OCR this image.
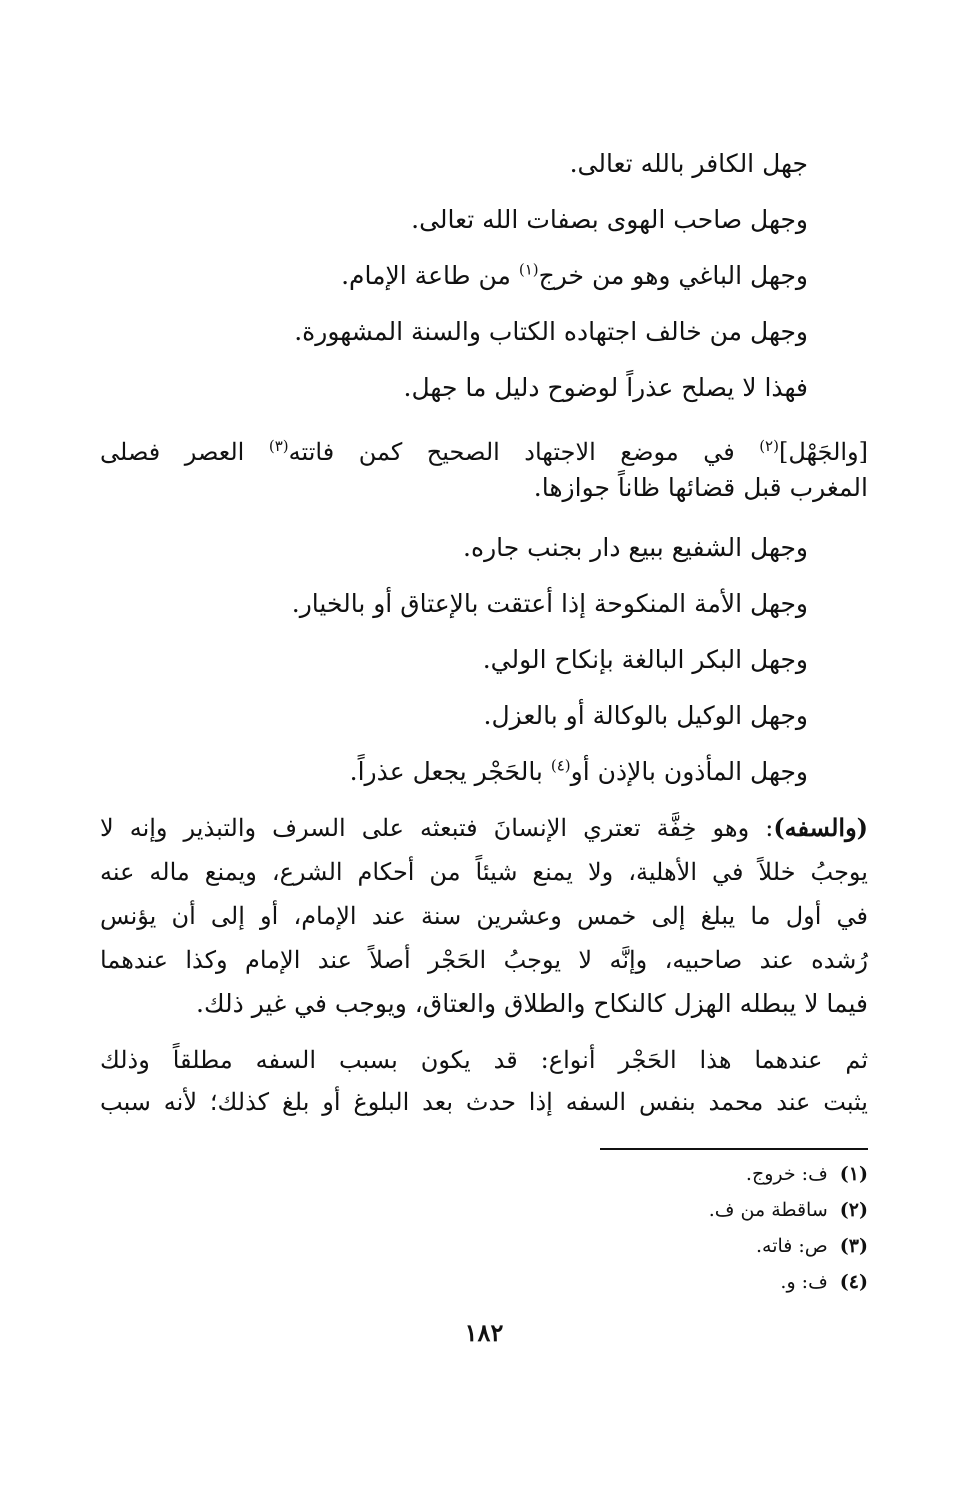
جهل الكافر بالله تعالى.
وجهل صاحب الهوى بصفات الله تعالى.
وجهل الباغي وهو من خرج$^{(١)}$ من طاعة الإمام.
وجهل من خالف اجتهاده الكتاب والسنة المشهورة.
فهذا لا يصلح عذراً لوضوح دليل ما جهل.
[والجَهْل]$^{(٢)}$ في موضع الاجتهاد الصحيح كمن فاتته$^{(٣)}$ العصر فصلى
المغرب قبل قضائها ظاناً جوازها.
وجهل الشفيع ببيع دار بجنب جاره.
وجهل الأمة المنكوحة إذا أعتقت بالإعتاق أو بالخيار.
وجهل البكر البالغة بإنكاح الولي.
وجهل الوكيل بالوكالة أو بالعزل.
وجهل المأذون بالإذن أو$^{(٤)}$ بالحَجْر يجعل عذراً.
(والسفه): وهو خِفَّة تعتري الإنسانَ فتبعثه على السرف والتبذير وإنه لا
يوجبُ خللاً في الأهلية، ولا يمنع شيئاً من أحكام الشرع، ويمنع ماله عنه
في أول ما يبلغ إلى خمس وعشرين سنة عند الإمام، أو إلى أن يؤنس
رُشده عند صاحبيه، وإنَّه لا يوجبُ الحَجْر أصلاً عند الإمام وكذا عندهما
فيما لا يبطله الهزل كالنكاح والطلاق والعتاق، ويوجب في غير ذلك.
ثم عندهما هذا الحَجْر أنواع: قد يكون بسبب السفه مطلقاً وذلك
يثبت عند محمد بنفس السفه إذا حدث بعد البلوغ أو بلغ كذلك؛ لأنه سبب
(١)ف: خروج.
(٢)ساقطة من ف.
(٣)ص: فاته.
(٤)ف: و.
١٨٢
